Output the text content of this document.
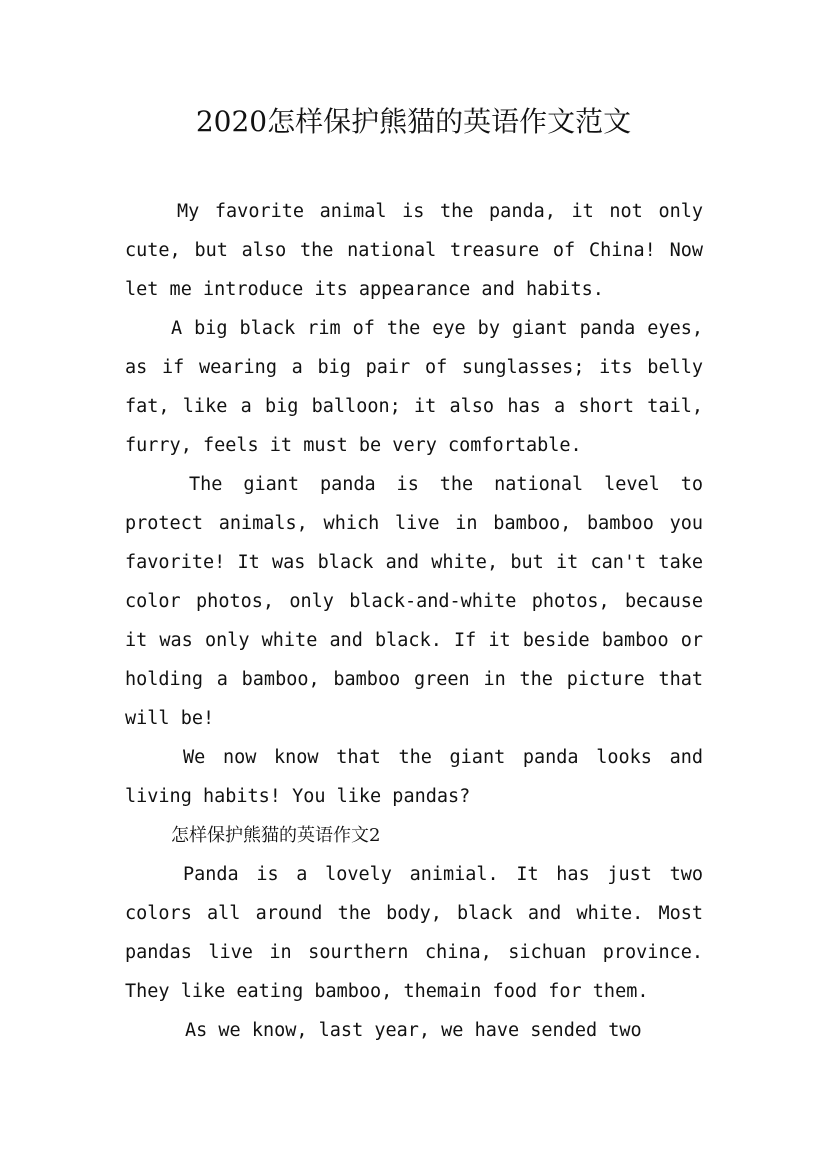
2020怎样保护熊猫的英语作文范文

My favorite animal is the panda, it not only cute, but also the national treasure of China! Now let me introduce its appearance and habits.

A big black rim of the eye by giant panda eyes, as if wearing a big pair of sunglasses; its belly fat, like a big balloon; it also has a short tail, furry, feels it must be very comfortable.

The giant panda is the national level to protect animals, which live in bamboo, bamboo you favorite! It was black and white, but it can't take color photos, only black-and-white photos, because it was only white and black. If it beside bamboo or holding a bamboo, bamboo green in the picture that will be!

We now know that the giant panda looks and living habits! You like pandas?

怎样保护熊猫的英语作文2

Panda is a lovely animial. It has just two colors all around the body, black and white. Most pandas live in sourthern china, sichuan province. They like eating bamboo, themain food for them.

As we know, last year, we have sended two
